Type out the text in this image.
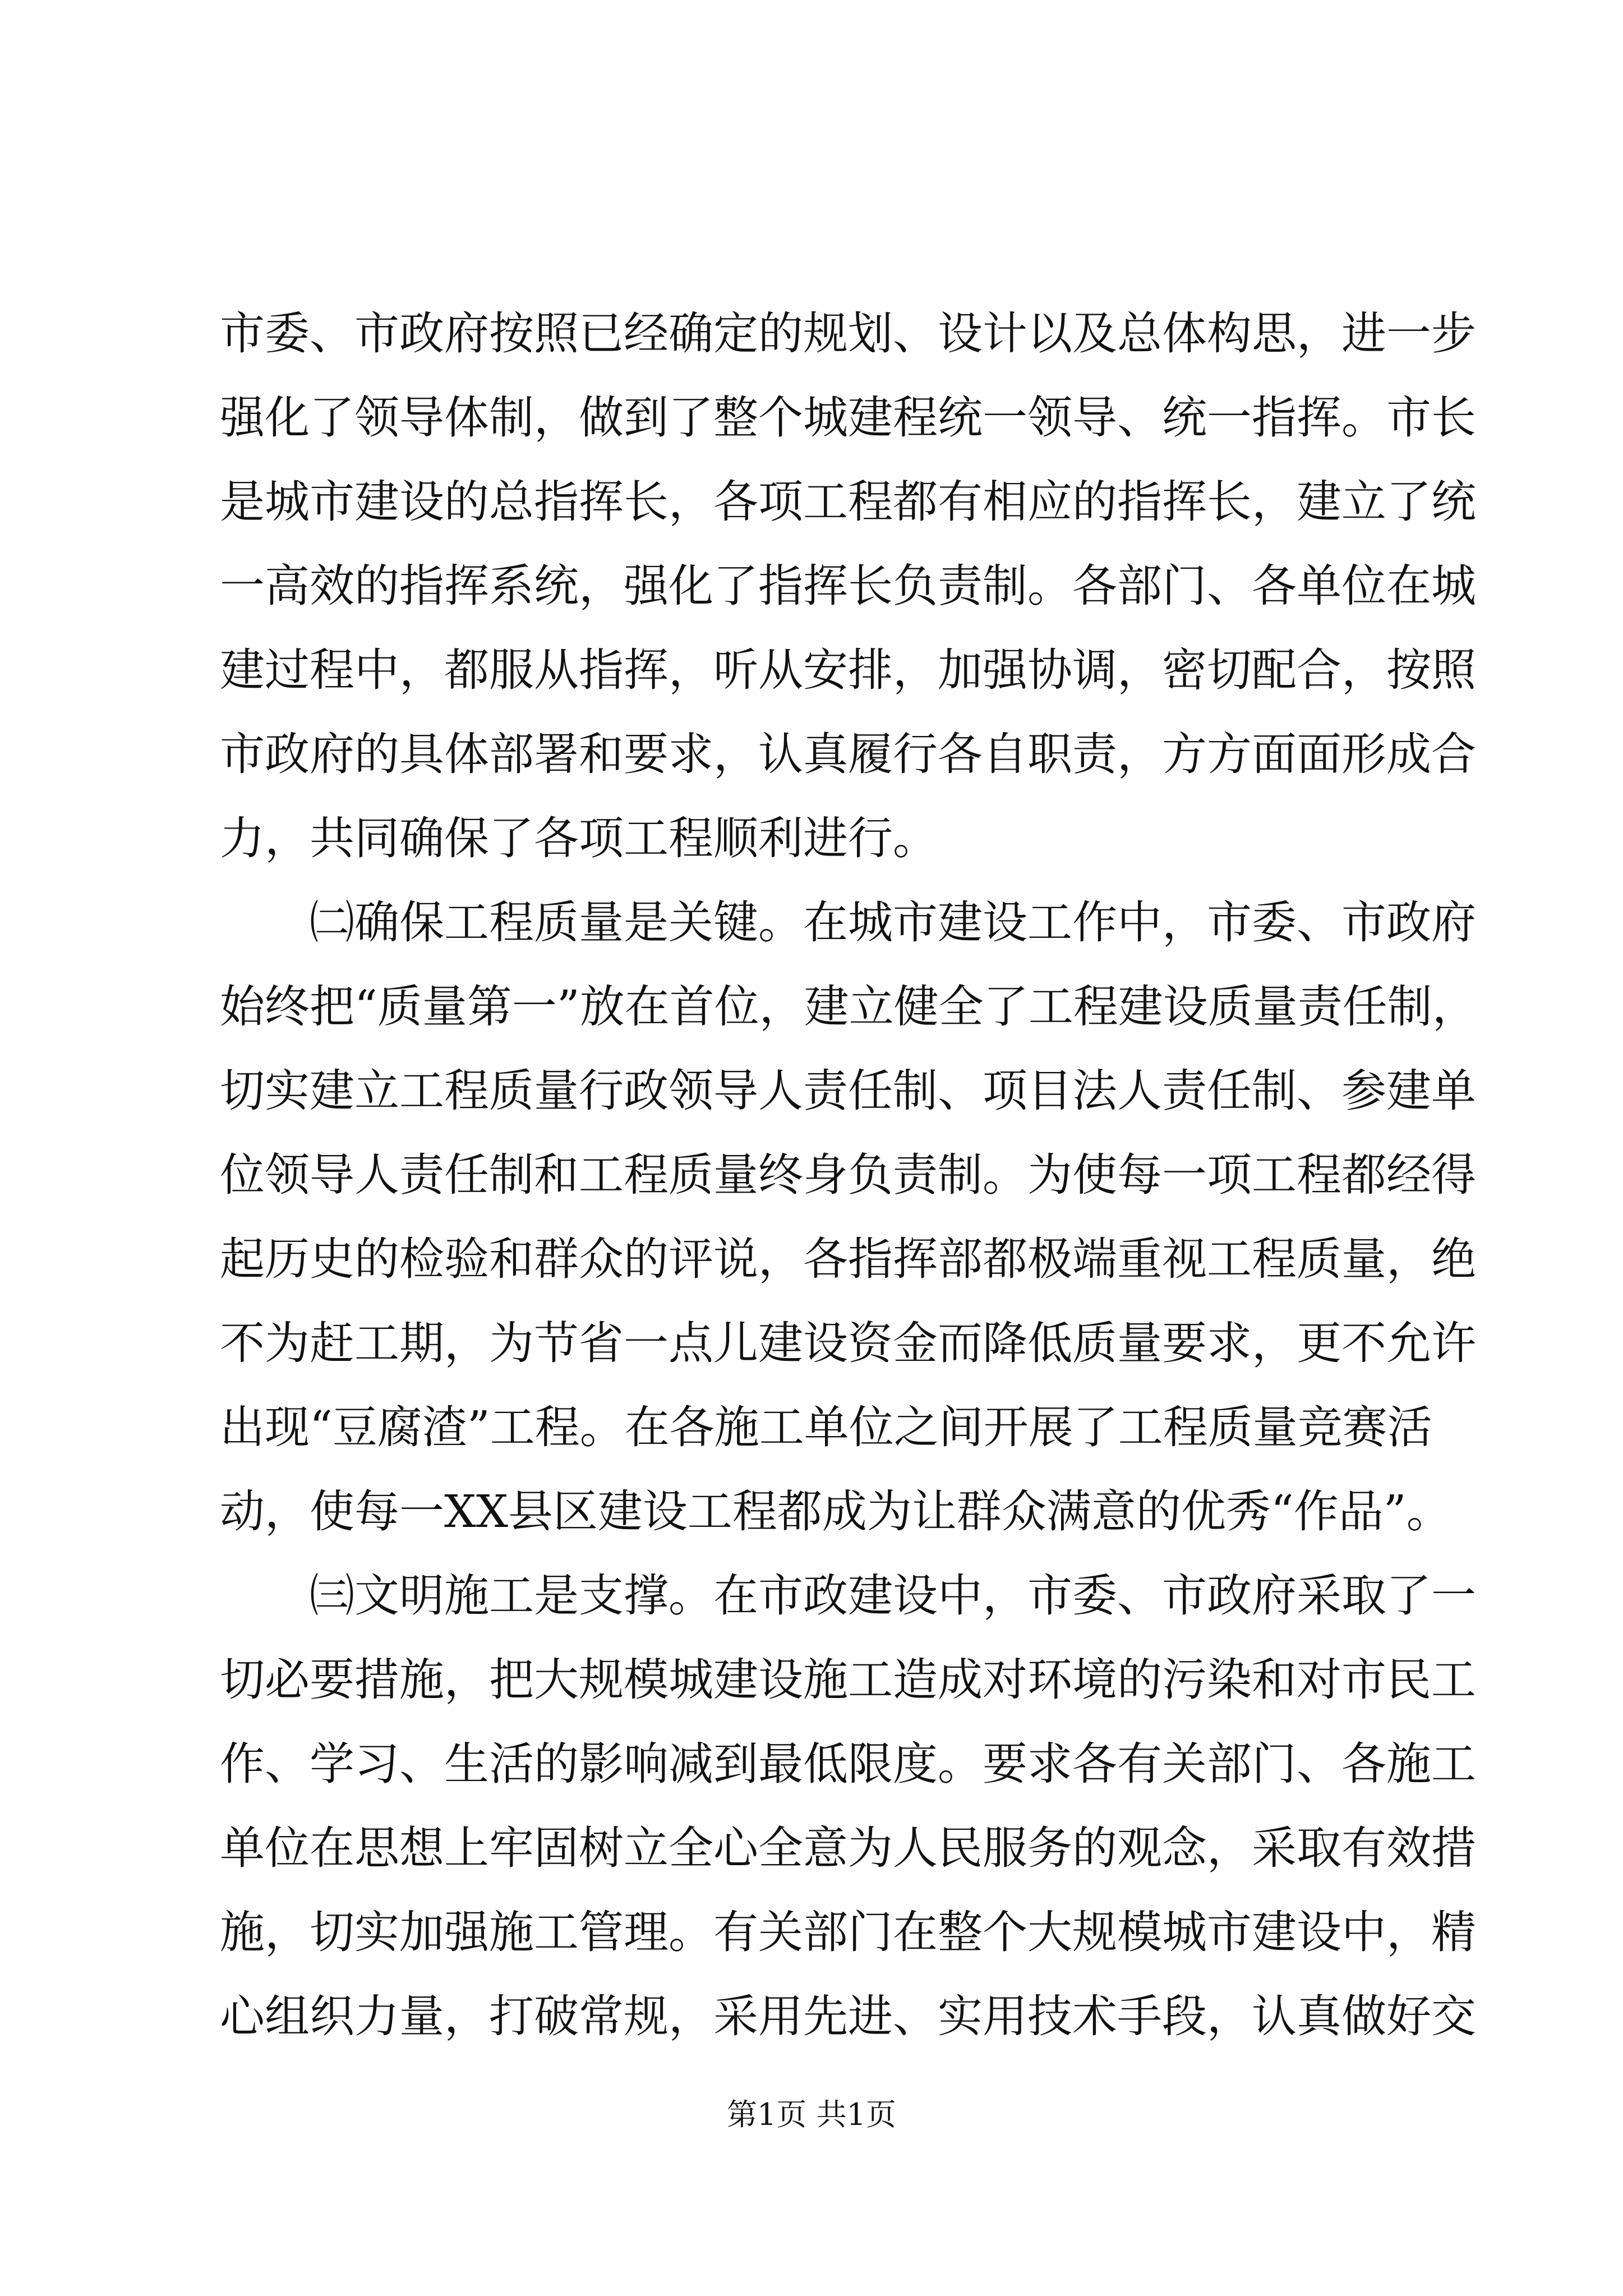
市委、市政府按照已经确定的规划、设计以及总体构思，进一步
强化了领导体制，做到了整个城建程统一领导、统一指挥。市长
是城市建设的总指挥长，各项工程都有相应的指挥长，建立了统
一高效的指挥系统，强化了指挥长负责制。各部门、各单位在城
建过程中，都服从指挥，听从安排，加强协调，密切配合，按照
市政府的具体部署和要求，认真履行各自职责，方方面面形成合
力，共同确保了各项工程顺利进行。
㈡确保工程质量是关键。在城市建设工作中，市委、市政府
始终把“质量第一”放在首位，建立健全了工程建设质量责任制，
切实建立工程质量行政领导人责任制、项目法人责任制、参建单
位领导人责任制和工程质量终身负责制。为使每一项工程都经得
起历史的检验和群众的评说，各指挥部都极端重视工程质量，绝
不为赶工期，为节省一点儿建设资金而降低质量要求，更不允许
出现“豆腐渣”工程。在各施工单位之间开展了工程质量竞赛活
动，使每一XX县区建设工程都成为让群众满意的优秀“作品”。
㈢文明施工是支撑。在市政建设中，市委、市政府采取了一
切必要措施，把大规模城建设施工造成对环境的污染和对市民工
作、学习、生活的影响减到最低限度。要求各有关部门、各施工
单位在思想上牢固树立全心全意为人民服务的观念，采取有效措
施，切实加强施工管理。有关部门在整个大规模城市建设中，精
心组织力量，打破常规，采用先进、实用技术手段，认真做好交
第1页 共1页
